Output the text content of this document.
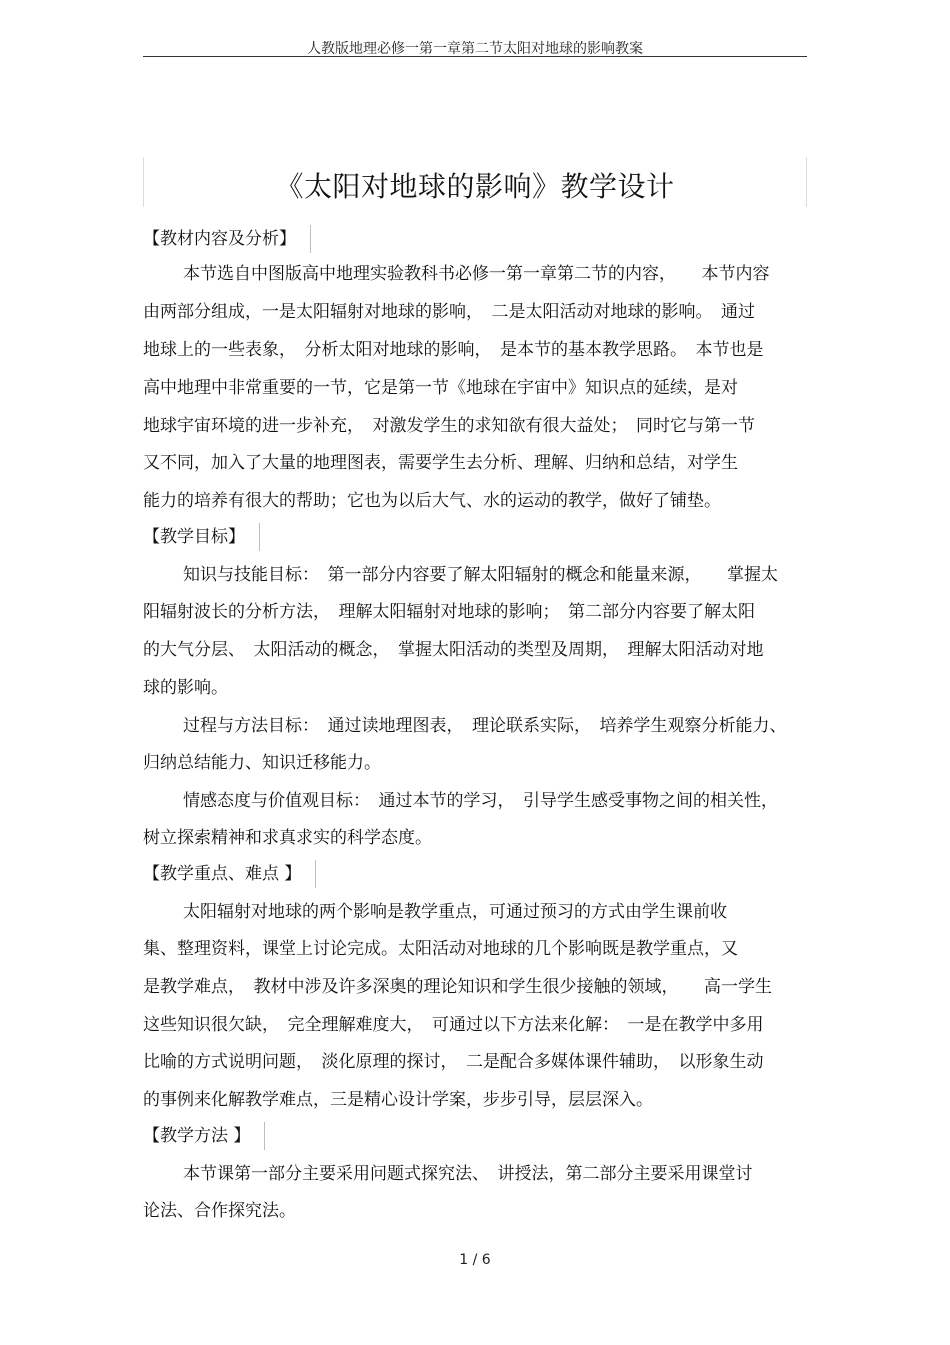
人教版地理必修一第一章第二节太阳对地球的影响教案
《太阳对地球的影响》教学设计
【教材内容及分析】
本节选自中图版高中地理实验教科书必修一第一章第二节的内容，　　本节内容
由两部分组成，一是太阳辐射对地球的影响，　二是太阳活动对地球的影响。　通过
地球上的一些表象，　分析太阳对地球的影响，　是本节的基本教学思路。　本节也是
高中地理中非常重要的一节，它是第一节《地球在宇宙中》知识点的延续，是对
地球宇宙环境的进一步补充，　对激发学生的求知欲有很大益处；　同时它与第一节
又不同，加入了大量的地理图表，需要学生去分析、理解、归纳和总结，对学生
能力的培养有很大的帮助；它也为以后大气、水的运动的教学，做好了铺垫。
【教学目标】
知识与技能目标：　第一部分内容要了解太阳辐射的概念和能量来源，　　掌握太
阳辐射波长的分析方法，　理解太阳辐射对地球的影响；　第二部分内容要了解太阳
的大气分层、　太阳活动的概念，　掌握太阳活动的类型及周期，　理解太阳活动对地
球的影响。
过程与方法目标：　通过读地理图表，　理论联系实际，　培养学生观察分析能力、
归纳总结能力、知识迁移能力。
情感态度与价值观目标：　通过本节的学习，　引导学生感受事物之间的相关性，
树立探索精神和求真求实的科学态度。
【教学重点、难点 】
太阳辐射对地球的两个影响是教学重点，可通过预习的方式由学生课前收
集、整理资料，课堂上讨论完成。太阳活动对地球的几个影响既是教学重点，又
是教学难点，　教材中涉及许多深奥的理论知识和学生很少接触的领域，　　高一学生
这些知识很欠缺，　完全理解难度大，　可通过以下方法来化解：　一是在教学中多用
比喻的方式说明问题，　淡化原理的探讨，　二是配合多媒体课件辅助，　以形象生动
的事例来化解教学难点，三是精心设计学案，步步引导，层层深入。
【教学方法 】
本节课第一部分主要采用问题式探究法、　讲授法，第二部分主要采用课堂讨
论法、合作探究法。
1 / 6
